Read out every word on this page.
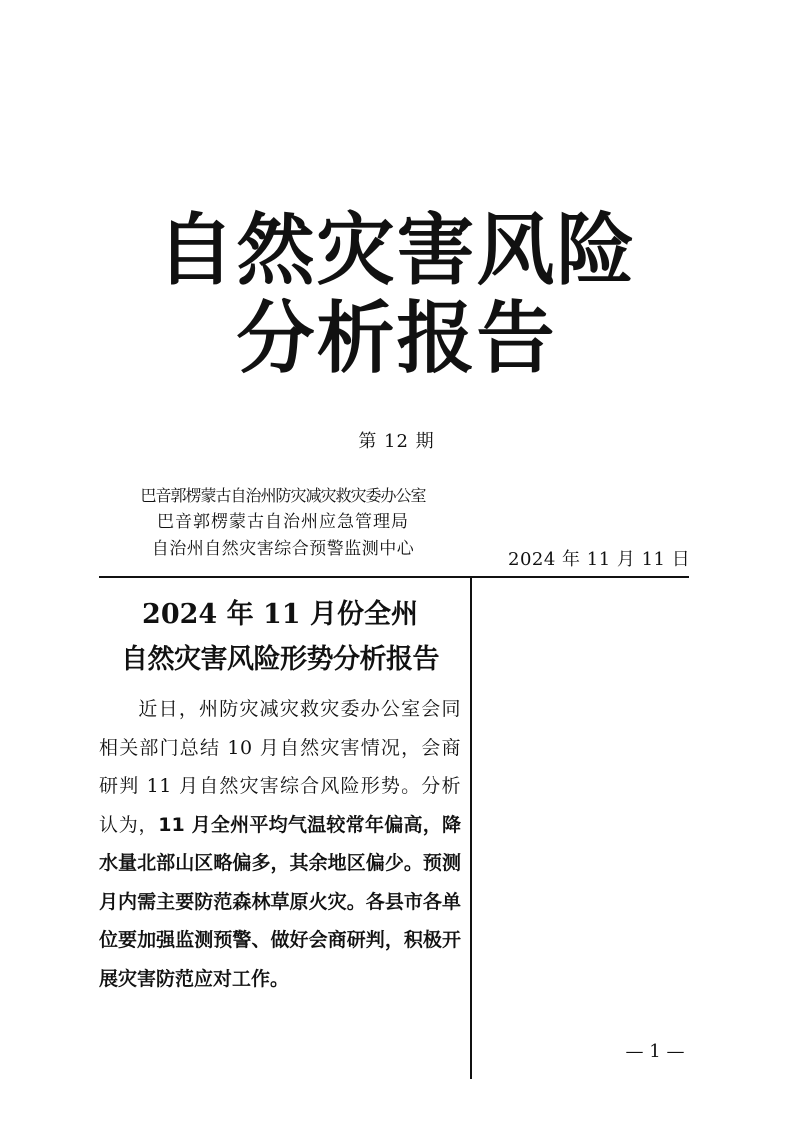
自然灾害风险
分析报告
第 12 期
巴音郭楞蒙古自治州防灾减灾救灾委办公室
巴音郭楞蒙古自治州应急管理局
自治州自然灾害综合预警监测中心	2024 年 11 月 11 日
2024 年 11 月份全州
自然灾害风险形势分析报告

　　近日，州防灾减灾救灾委办公室会同相关部门总结 10 月自然灾害情况，会商研判 11 月自然灾害综合风险形势。分析认为，11 月全州平均气温较常年偏高，降水量北部山区略偏多，其余地区偏少。预测月内需主要防范森林草原火灾。各县市各单位要加强监测预警、做好会商研判，积极开展灾害防范应对工作。

— 1 —
